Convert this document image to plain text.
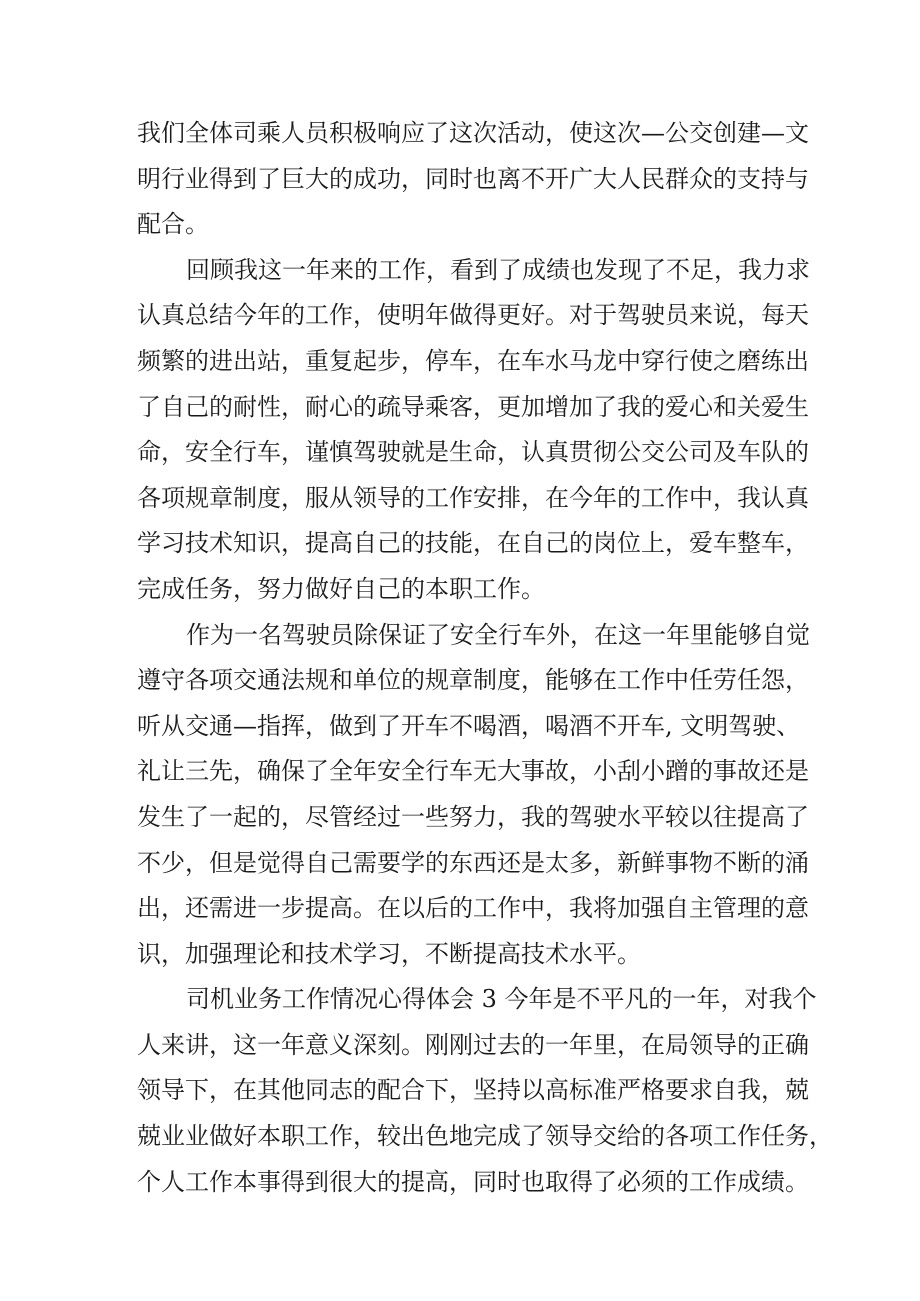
我们全体司乘人员积极响应了这次活动，使这次—公交创建—文
明行业得到了巨大的成功，同时也离不开广大人民群众的支持与
配合。
回顾我这一年来的工作，看到了成绩也发现了不足，我力求
认真总结今年的工作，使明年做得更好。对于驾驶员来说，每天
频繁的进出站，重复起步，停车，在车水马龙中穿行使之磨练出
了自己的耐性，耐心的疏导乘客，更加增加了我的爱心和关爱生
命，安全行车，谨慎驾驶就是生命，认真贯彻公交公司及车队的
各项规章制度，服从领导的工作安排，在今年的工作中，我认真
学习技术知识，提高自己的技能，在自己的岗位上，爱车整车，
完成任务，努力做好自己的本职工作。
作为一名驾驶员除保证了安全行车外，在这一年里能够自觉
遵守各项交通法规和单位的规章制度，能够在工作中任劳任怨，
听从交通—指挥，做到了开车不喝酒，喝酒不开车, 文明驾驶、
礼让三先，确保了全年安全行车无大事故，小刮小蹭的事故还是
发生了一起的，尽管经过一些努力，我的驾驶水平较以往提高了
不少，但是觉得自己需要学的东西还是太多，新鲜事物不断的涌
出，还需进一步提高。在以后的工作中，我将加强自主管理的意
识，加强理论和技术学习，不断提高技术水平。
司机业务工作情况心得体会 3 今年是不平凡的一年，对我个
人来讲，这一年意义深刻。刚刚过去的一年里，在局领导的正确
领导下，在其他同志的配合下，坚持以高标准严格要求自我，兢
兢业业做好本职工作，较出色地完成了领导交给的各项工作任务，
个人工作本事得到很大的提高，同时也取得了必须的工作成绩。
